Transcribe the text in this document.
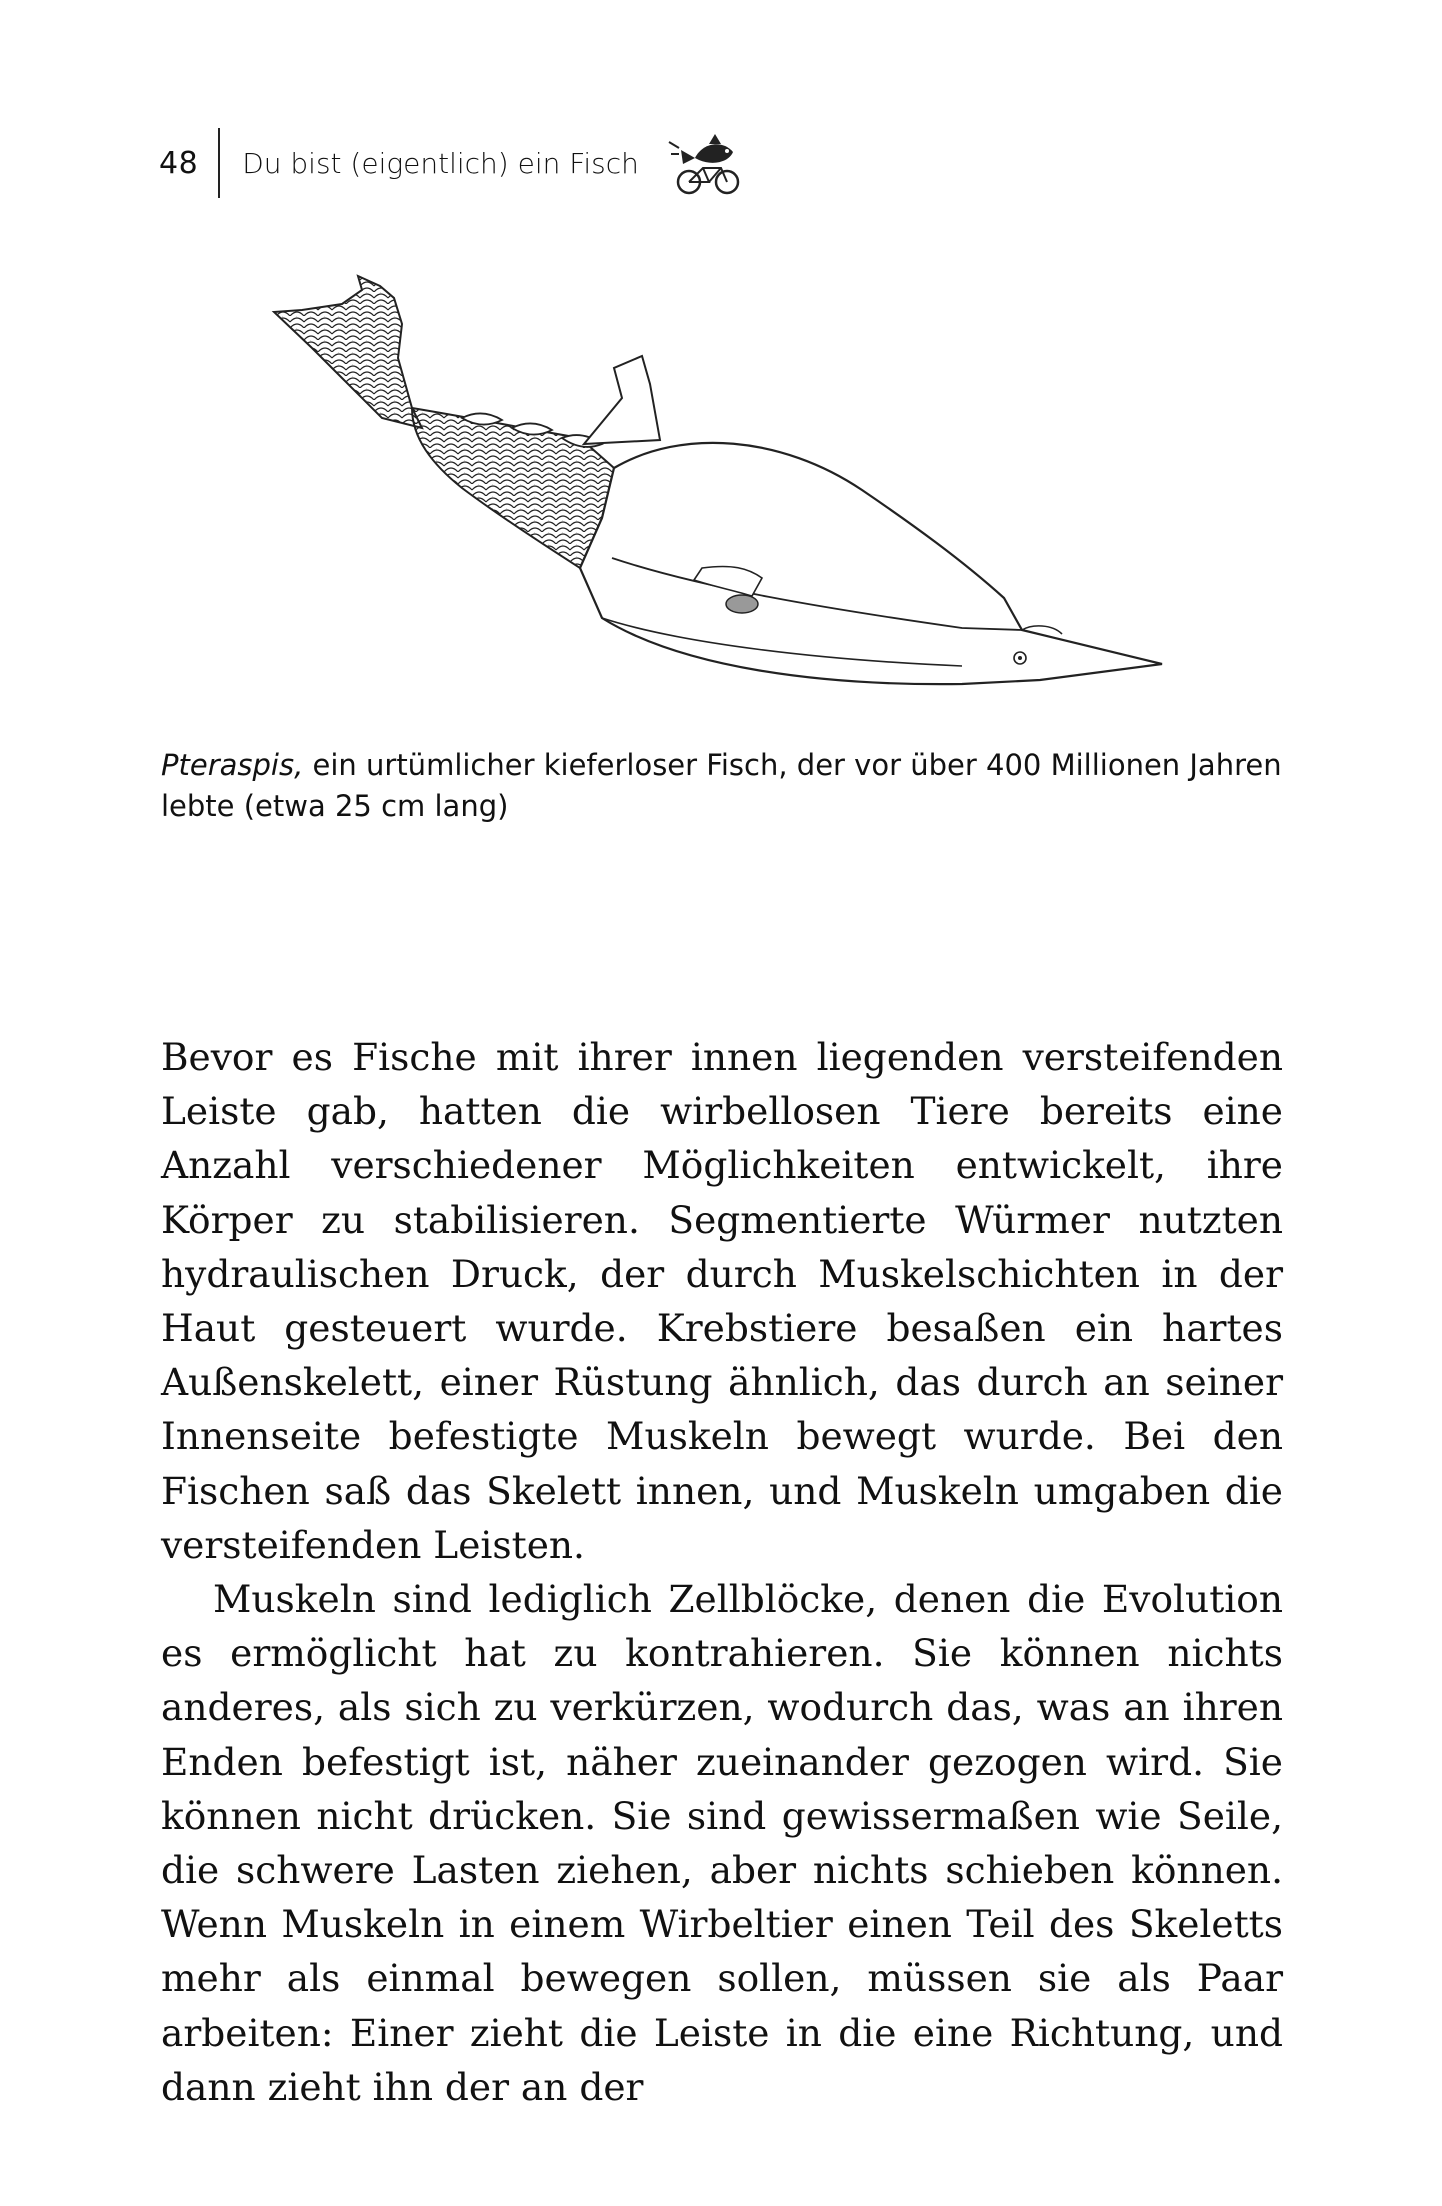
48 Du bist (eigentlich) ein Fisch
Pteraspis, ein urtümlicher kieferloser Fisch, der vor über 400 Millionen Jahren lebte (etwa 25 cm lang)

Bevor es Fische mit ihrer innen liegenden versteifenden Leiste gab, hatten die wirbellosen Tiere bereits eine Anzahl verschiedener Möglichkeiten entwickelt, ihre Körper zu stabilisieren. Segmentierte Würmer nutzten hydraulischen Druck, der durch Muskelschichten in der Haut gesteuert wurde. Krebstiere besaßen ein hartes Außenskelett, einer Rüstung ähnlich, das durch an seiner Innenseite befestigte Muskeln bewegt wurde. Bei den Fischen saß das Skelett innen, und Muskeln umgaben die versteifenden Leisten.

Muskeln sind lediglich Zellblöcke, denen die Evolution es ermöglicht hat zu kontrahieren. Sie können nichts anderes, als sich zu verkürzen, wodurch das, was an ihren Enden befestigt ist, näher zueinander gezogen wird. Sie können nicht drücken. Sie sind gewissermaßen wie Seile, die schwere Lasten ziehen, aber nichts schieben können. Wenn Muskeln in einem Wirbeltier einen Teil des Skeletts mehr als einmal bewegen sollen, müssen sie als Paar arbeiten: Einer zieht die Leiste in die eine Richtung, und dann zieht ihn der an der
